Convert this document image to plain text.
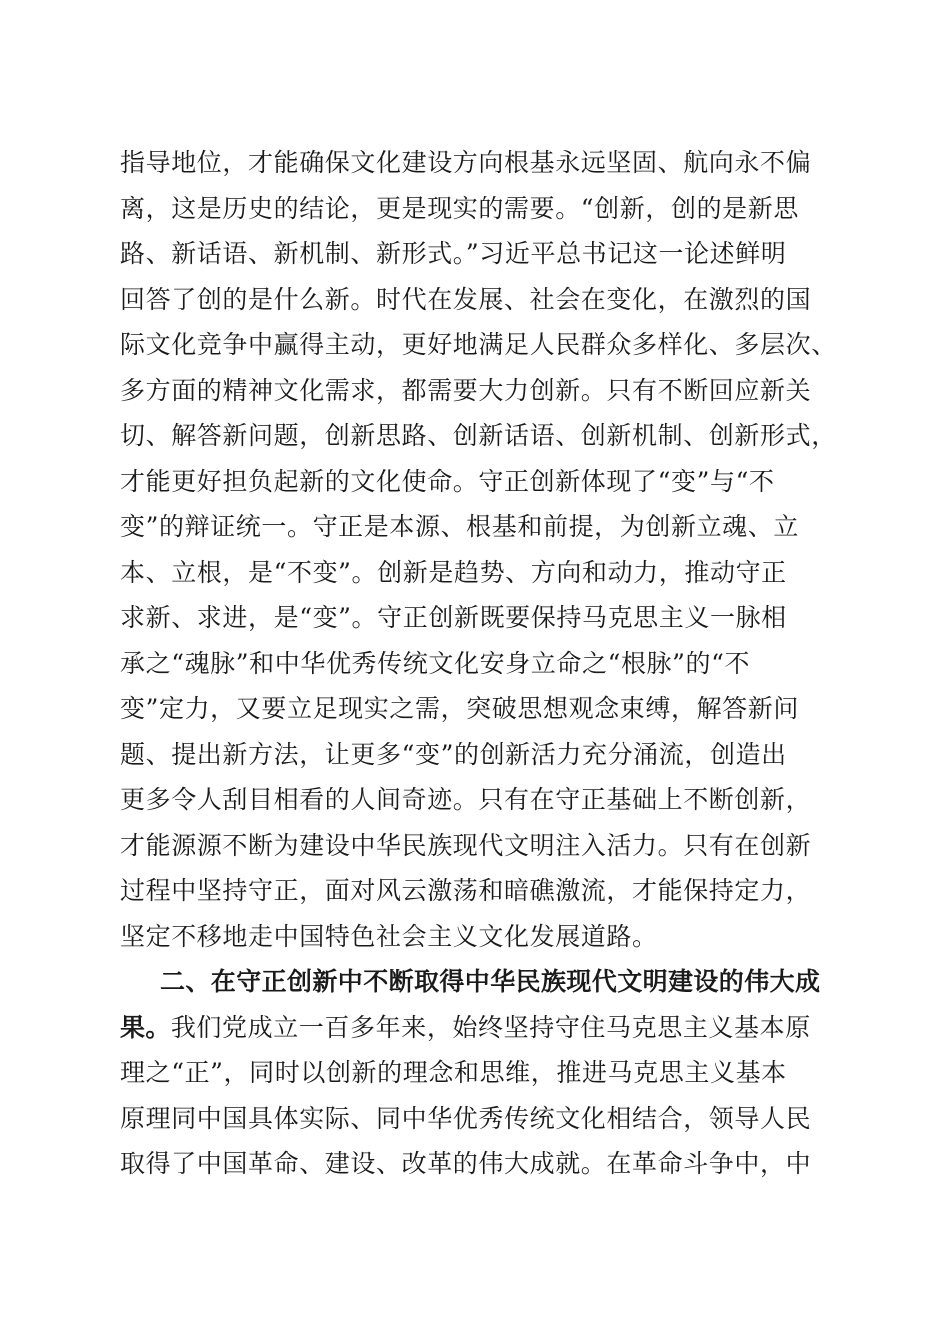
指导地位，才能确保文化建设方向根基永远坚固、航向永不偏
离，这是历史的结论，更是现实的需要。“创新，创的是新思
路、新话语、新机制、新形式。”习近平总书记这一论述鲜明
回答了创的是什么新。时代在发展、社会在变化，在激烈的国
际文化竞争中赢得主动，更好地满足人民群众多样化、多层次、
多方面的精神文化需求，都需要大力创新。只有不断回应新关
切、解答新问题，创新思路、创新话语、创新机制、创新形式，
才能更好担负起新的文化使命。守正创新体现了“变”与“不
变”的辩证统一。守正是本源、根基和前提，为创新立魂、立
本、立根，是“不变”。创新是趋势、方向和动力，推动守正
求新、求进，是“变”。守正创新既要保持马克思主义一脉相
承之“魂脉”和中华优秀传统文化安身立命之“根脉”的“不
变”定力，又要立足现实之需，突破思想观念束缚，解答新问
题、提出新方法，让更多“变”的创新活力充分涌流，创造出
更多令人刮目相看的人间奇迹。只有在守正基础上不断创新，
才能源源不断为建设中华民族现代文明注入活力。只有在创新
过程中坚持守正，面对风云激荡和暗礁激流，才能保持定力，
坚定不移地走中国特色社会主义文化发展道路。
二、在守正创新中不断取得中华民族现代文明建设的伟大成
果。我们党成立一百多年来，始终坚持守住马克思主义基本原
理之“正”，同时以创新的理念和思维，推进马克思主义基本
原理同中国具体实际、同中华优秀传统文化相结合，领导人民
取得了中国革命、建设、改革的伟大成就。在革命斗争中，中
